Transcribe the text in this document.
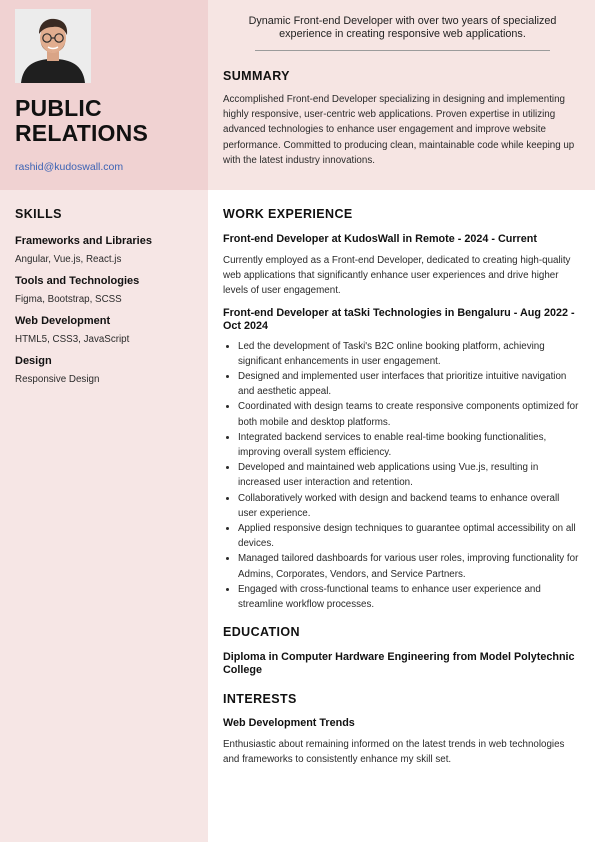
PUBLIC
RELATIONS
rashid@kudoswall.com
SKILLS
Frameworks and Libraries
Angular, Vue.js, React.js
Tools and Technologies
Figma, Bootstrap, SCSS
Web Development
HTML5, CSS3, JavaScript
Design
Responsive Design
Dynamic Front-end Developer with over two years of specialized experience in creating responsive web applications.
SUMMARY

Accomplished Front-end Developer specializing in designing and implementing highly responsive, user-centric web applications. Proven expertise in utilizing advanced technologies to enhance user engagement and improve website performance. Committed to producing clean, maintainable code while keeping up with the latest industry innovations.

WORK EXPERIENCE
Front-end Developer at KudosWall in Remote - 2024 - Current

Currently employed as a Front-end Developer, dedicated to creating high-quality web applications that significantly enhance user experiences and drive higher levels of user engagement.

Front-end Developer at taSki Technologies in Bengaluru - Aug 2022 - Oct 2024
• Led the development of Taski's B2C online booking platform, achieving significant enhancements in user engagement.
• Designed and implemented user interfaces that prioritize intuitive navigation and aesthetic appeal.
• Coordinated with design teams to create responsive components optimized for both mobile and desktop platforms.
• Integrated backend services to enable real-time booking functionalities, improving overall system efficiency.
• Developed and maintained web applications using Vue.js, resulting in increased user interaction and retention.
• Collaboratively worked with design and backend teams to enhance overall user experience.
• Applied responsive design techniques to guarantee optimal accessibility on all devices.
• Managed tailored dashboards for various user roles, improving functionality for Admins, Corporates, Vendors, and Service Partners.
• Engaged with cross-functional teams to enhance user experience and streamline workflow processes.
EDUCATION
Diploma in Computer Hardware Engineering from Model Polytechnic College
INTERESTS
Web Development Trends

Enthusiastic about remaining informed on the latest trends in web technologies and frameworks to consistently enhance my skill set.
